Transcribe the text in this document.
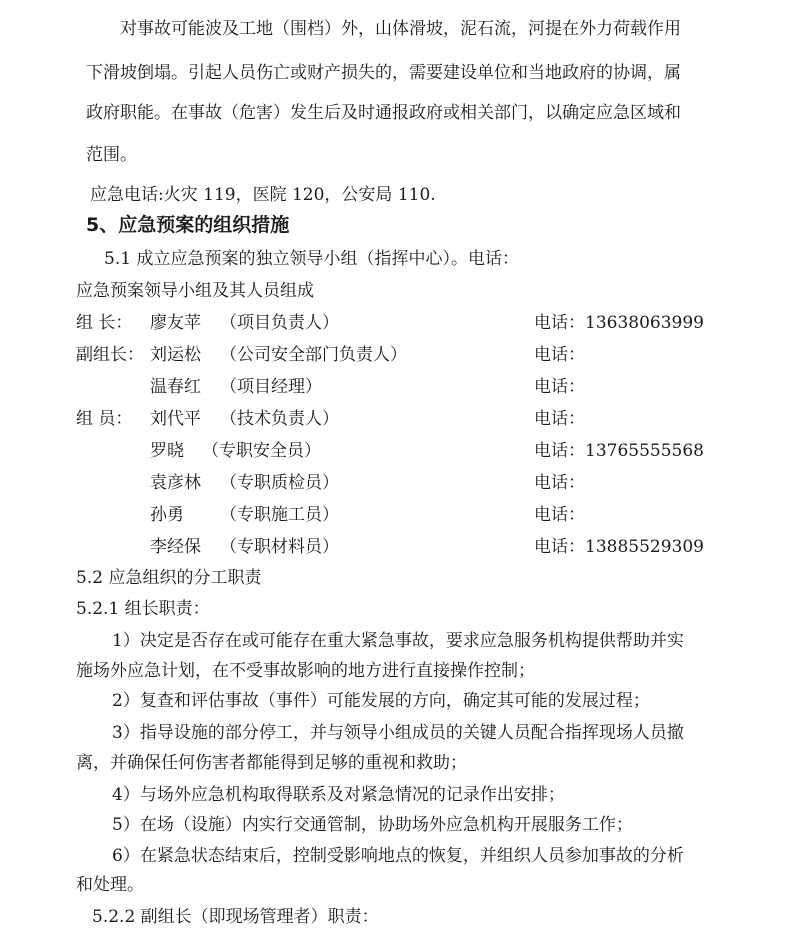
对事故可能波及工地（围档）外，山体滑坡，泥石流，河提在外力荷载作用
下滑坡倒塌。引起人员伤亡或财产损失的，需要建设单位和当地政府的协调，属
政府职能。在事故（危害）发生后及时通报政府或相关部门，以确定应急区域和
范围。
应急电话:火灾 119，医院 120，公安局 110.
5、应急预案的组织措施
5.1 成立应急预案的独立领导小组（指挥中心）。电话：
应急预案领导小组及其人员组成
组 长： 廖友苹 （项目负责人）	电话：13638063999
副组长： 刘运松 （公司安全部门负责人）	电话：
温春红 （项目经理）	电话：
组 员： 刘代平 （技术负责人）	电话：
罗晓 （专职安全员）	电话：13765555568
袁彦林 （专职质检员）	电话：
孙勇 （专职施工员）	电话：
李经保 （专职材料员）	电话：13885529309
5.2 应急组织的分工职责
5.2.1 组长职责：
1）决定是否存在或可能存在重大紧急事故，要求应急服务机构提供帮助并实
施场外应急计划，在不受事故影响的地方进行直接操作控制；
2）复查和评估事故（事件）可能发展的方向，确定其可能的发展过程；
3）指导设施的部分停工，并与领导小组成员的关键人员配合指挥现场人员撤
离，并确保任何伤害者都能得到足够的重视和救助；
4）与场外应急机构取得联系及对紧急情况的记录作出安排；
5）在场（设施）内实行交通管制，协助场外应急机构开展服务工作；
6）在紧急状态结束后，控制受影响地点的恢复，并组织人员参加事故的分析
和处理。
5.2.2 副组长（即现场管理者）职责：
